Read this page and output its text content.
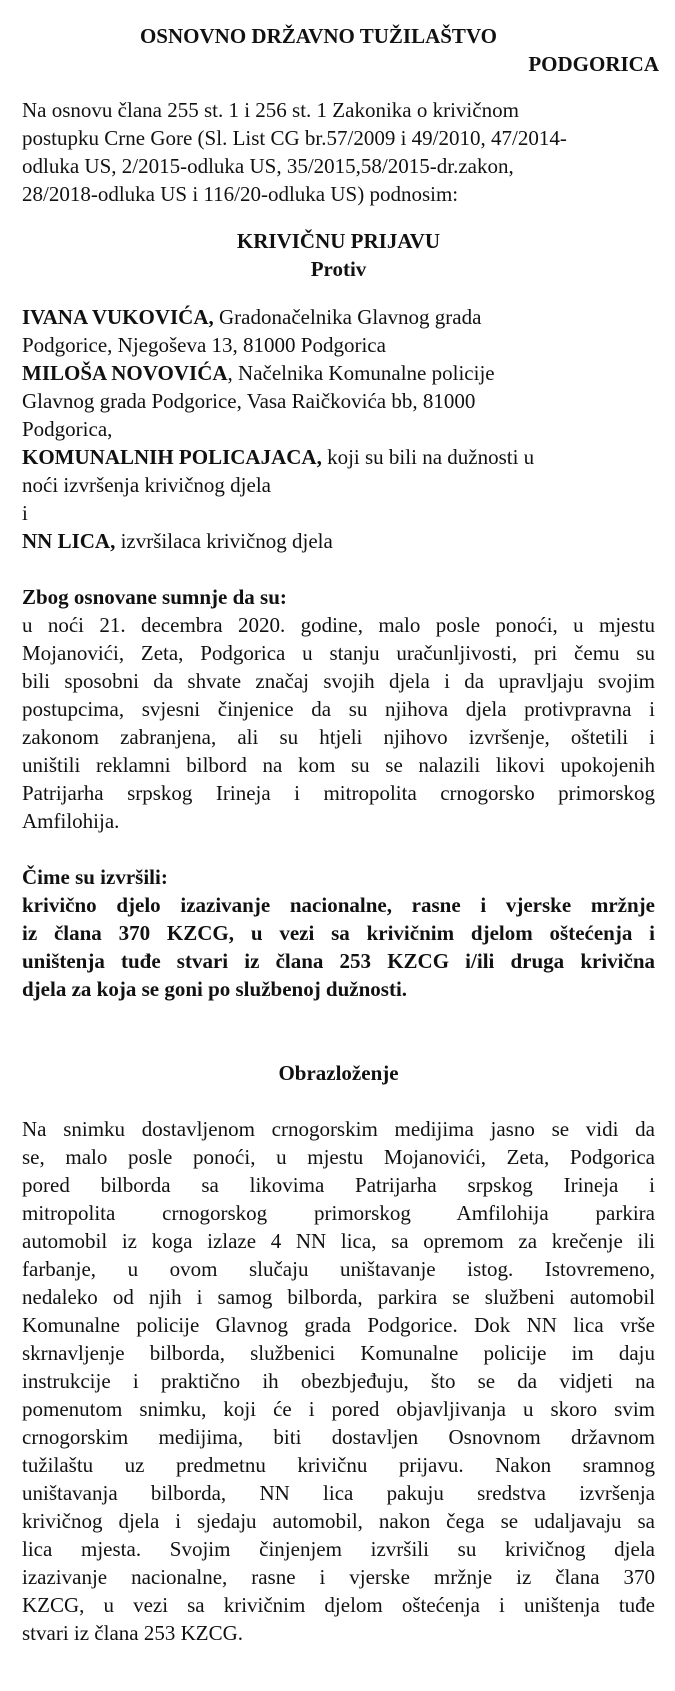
OSNOVNO DRŽAVNO TUŽILAŠTVO
PODGORICA
Na osnovu člana 255 st. 1 i 256 st. 1 Zakonika o krivičnom
postupku Crne Gore (Sl. List CG br.57/2009 i 49/2010, 47/2014-
odluka US, 2/2015-odluka US, 35/2015,58/2015-dr.zakon,
28/2018-odluka US i 116/20-odluka US) podnosim:
KRIVIČNU PRIJAVU
Protiv
IVANA VUKOVIĆA, Gradonačelnika Glavnog grada
Podgorice, Njegoševa 13, 81000 Podgorica
MILOŠA NOVOVIĆA, Načelnika Komunalne policije
Glavnog grada Podgorice, Vasa Raičkovića bb, 81000
Podgorica,
KOMUNALNIH POLICAJACA, koji su bili na dužnosti u
noći izvršenja krivičnog djela
i
NN LICA, izvršilaca krivičnog djela
Zbog osnovane sumnje da su:
u noći 21. decembra 2020. godine, malo posle ponoći, u mjestu
Mojanovići, Zeta, Podgorica u stanju uračunljivosti, pri čemu su
bili sposobni da shvate značaj svojih djela i da upravljaju svojim
postupcima, svjesni činjenice da su njihova djela protivpravna i
zakonom zabranjena, ali su htjeli njihovo izvršenje, oštetili i
uništili reklamni bilbord na kom su se nalazili likovi upokojenih
Patrijarha srpskog Irineja i mitropolita crnogorsko primorskog
Amfilohija.
Čime su izvršili:
krivično djelo izazivanje nacionalne, rasne i vjerske mržnje
iz člana 370 KZCG, u vezi sa krivičnim djelom oštećenja i
uništenja tuđe stvari iz člana 253 KZCG i/ili druga krivična
djela za koja se goni po službenoj dužnosti.
Obrazloženje
Na snimku dostavljenom crnogorskim medijima jasno se vidi da
se, malo posle ponoći, u mjestu Mojanovići, Zeta, Podgorica
pored bilborda sa likovima Patrijarha srpskog Irineja i
mitropolita crnogorskog primorskog Amfilohija parkira
automobil iz koga izlaze 4 NN lica, sa opremom za krečenje ili
farbanje, u ovom slučaju uništavanje istog. Istovremeno,
nedaleko od njih i samog bilborda, parkira se službeni automobil
Komunalne policije Glavnog grada Podgorice. Dok NN lica vrše
skrnavljenje bilborda, službenici Komunalne policije im daju
instrukcije i praktično ih obezbjeđuju, što se da vidjeti na
pomenutom snimku, koji će i pored objavljivanja u skoro svim
crnogorskim medijima, biti dostavljen Osnovnom državnom
tužilaštu uz predmetnu krivičnu prijavu. Nakon sramnog
uništavanja bilborda, NN lica pakuju sredstva izvršenja
krivičnog djela i sjedaju automobil, nakon čega se udaljavaju sa
lica mjesta. Svojim činjenjem izvršili su krivičnog djela
izazivanje nacionalne, rasne i vjerske mržnje iz člana 370
KZCG, u vezi sa krivičnim djelom oštećenja i uništenja tuđe
stvari iz člana 253 KZCG.
